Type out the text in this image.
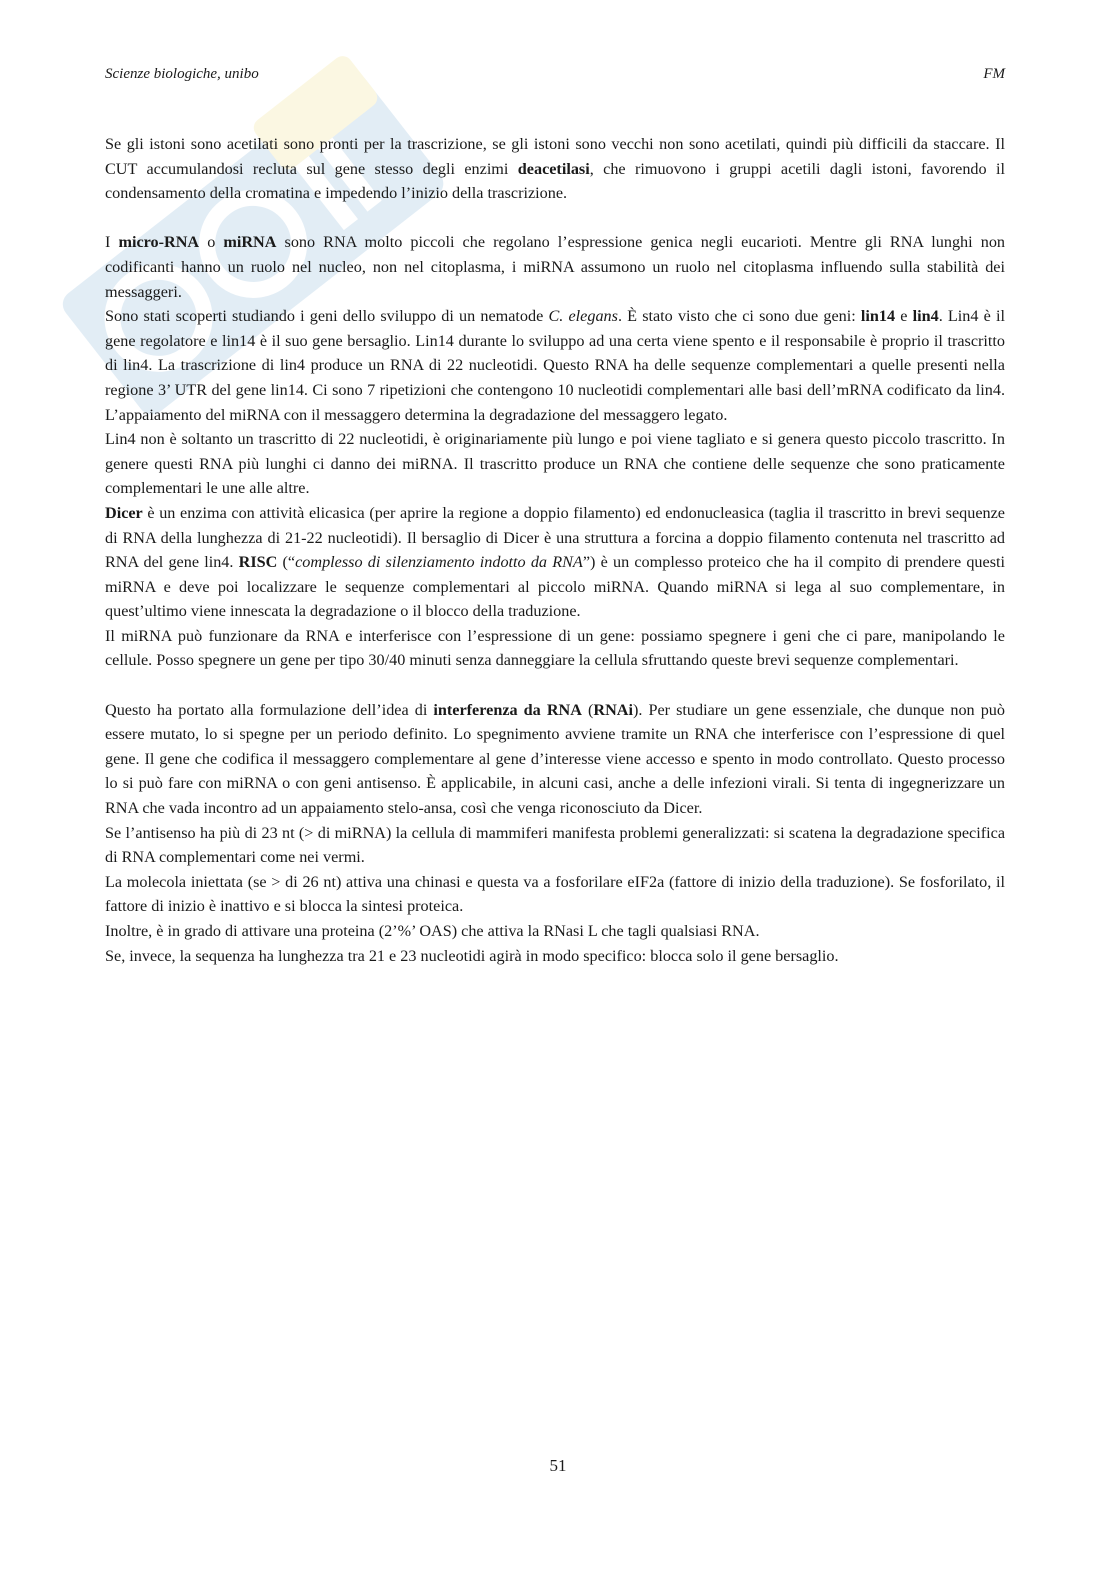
Scienze biologiche, unibo	FM

Se gli istoni sono acetilati sono pronti per la trascrizione, se gli istoni sono vecchi non sono acetilati, quindi più difficili da staccare. Il CUT accumulandosi recluta sul gene stesso degli enzimi deacetilasi, che rimuovono i gruppi acetili dagli istoni, favorendo il condensamento della cromatina e impedendo l’inizio della trascrizione.

I micro-RNA o miRNA sono RNA molto piccoli che regolano l’espressione genica negli eucarioti. Mentre gli RNA lunghi non codificanti hanno un ruolo nel nucleo, non nel citoplasma, i miRNA assumono un ruolo nel citoplasma influendo sulla stabilità dei messaggeri.

Sono stati scoperti studiando i geni dello sviluppo di un nematode C. elegans. È stato visto che ci sono due geni: lin14 e lin4. Lin4 è il gene regolatore e lin14 è il suo gene bersaglio. Lin14 durante lo sviluppo ad una certa viene spento e il responsabile è proprio il trascritto di lin4. La trascrizione di lin4 produce un RNA di 22 nucleotidi. Questo RNA ha delle sequenze complementari a quelle presenti nella regione 3’ UTR del gene lin14. Ci sono 7 ripetizioni che contengono 10 nucleotidi complementari alle basi dell’mRNA codificato da lin4. L’appaiamento del miRNA con il messaggero determina la degradazione del messaggero legato.

Lin4 non è soltanto un trascritto di 22 nucleotidi, è originariamente più lungo e poi viene tagliato e si genera questo piccolo trascritto. In genere questi RNA più lunghi ci danno dei miRNA. Il trascritto produce un RNA che contiene delle sequenze che sono praticamente complementari le une alle altre.

Dicer è un enzima con attività elicasica (per aprire la regione a doppio filamento) ed endonucleasica (taglia il trascritto in brevi sequenze di RNA della lunghezza di 21-22 nucleotidi). Il bersaglio di Dicer è una struttura a forcina a doppio filamento contenuta nel trascritto ad RNA del gene lin4. RISC (“complesso di silenziamento indotto da RNA”) è un complesso proteico che ha il compito di prendere questi miRNA e deve poi localizzare le sequenze complementari al piccolo miRNA. Quando miRNA si lega al suo complementare, in quest’ultimo viene innescata la degradazione o il blocco della traduzione.

Il miRNA può funzionare da RNA e interferisce con l’espressione di un gene: possiamo spegnere i geni che ci pare, manipolando le cellule. Posso spegnere un gene per tipo 30/40 minuti senza danneggiare la cellula sfruttando queste brevi sequenze complementari.

Questo ha portato alla formulazione dell’idea di interferenza da RNA (RNAi). Per studiare un gene essenziale, che dunque non può essere mutato, lo si spegne per un periodo definito. Lo spegnimento avviene tramite un RNA che interferisce con l’espressione di quel gene. Il gene che codifica il messaggero complementare al gene d’interesse viene accesso e spento in modo controllato. Questo processo lo si può fare con miRNA o con geni antisenso. È applicabile, in alcuni casi, anche a delle infezioni virali. Si tenta di ingegnerizzare un RNA che vada incontro ad un appaiamento stelo-ansa, così che venga riconosciuto da Dicer.

Se l’antisenso ha più di 23 nt (> di miRNA) la cellula di mammiferi manifesta problemi generalizzati: si scatena la degradazione specifica di RNA complementari come nei vermi.

La molecola iniettata (se > di 26 nt) attiva una chinasi e questa va a fosforilare eIF2a (fattore di inizio della traduzione). Se fosforilato, il fattore di inizio è inattivo e si blocca la sintesi proteica.

Inoltre, è in grado di attivare una proteina (2’%’ OAS) che attiva la RNasi L che tagli qualsiasi RNA.

Se, invece, la sequenza ha lunghezza tra 21 e 23 nucleotidi agirà in modo specifico: blocca solo il gene bersaglio.

51
